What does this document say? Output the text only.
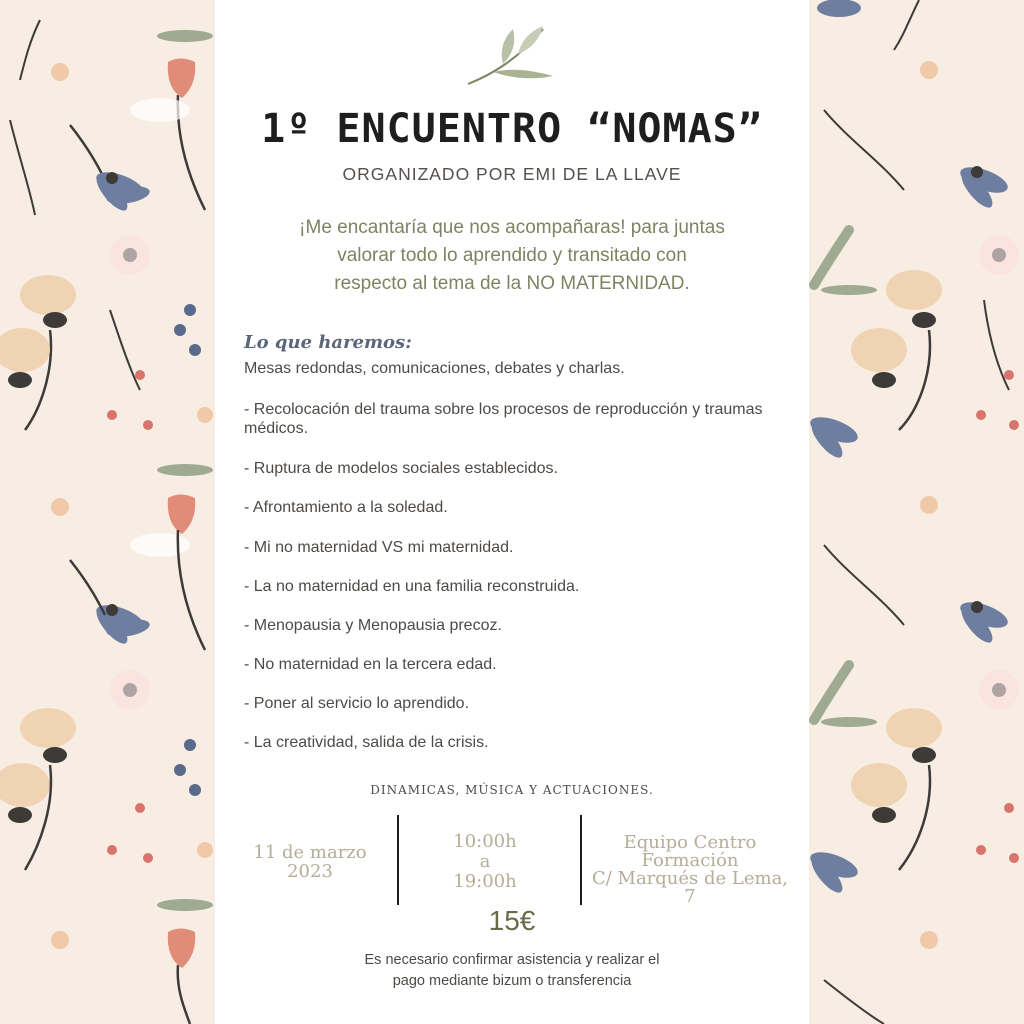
1º ENCUENTRO “NOMAS”
ORGANIZADO POR EMI DE LA LLAVE
¡Me encantaría que nos acompañaras! para juntas
valorar todo lo aprendido y transitado con
respecto al tema de la NO MATERNIDAD.
Lo que haremos:
Mesas redondas, comunicaciones, debates y charlas.
- Recolocación del trauma sobre los procesos de reproducción y traumas médicos.
- Ruptura de modelos sociales establecidos.
- Afrontamiento a la soledad.
- Mi no maternidad VS mi maternidad.
- La no maternidad en una familia reconstruida.
- Menopausia y Menopausia precoz.
- No maternidad en la tercera edad.
- Poner al servicio lo aprendido.
- La creatividad, salida de la crisis.
DINAMICAS, MÚSICA Y ACTUACIONES.
11 de marzo
2023
10:00h
a
19:00h
Equipo Centro
Formación
C/ Marqués de Lema, 7
15€
Es necesario confirmar asistencia y realizar el
pago mediante bizum o transferencia
